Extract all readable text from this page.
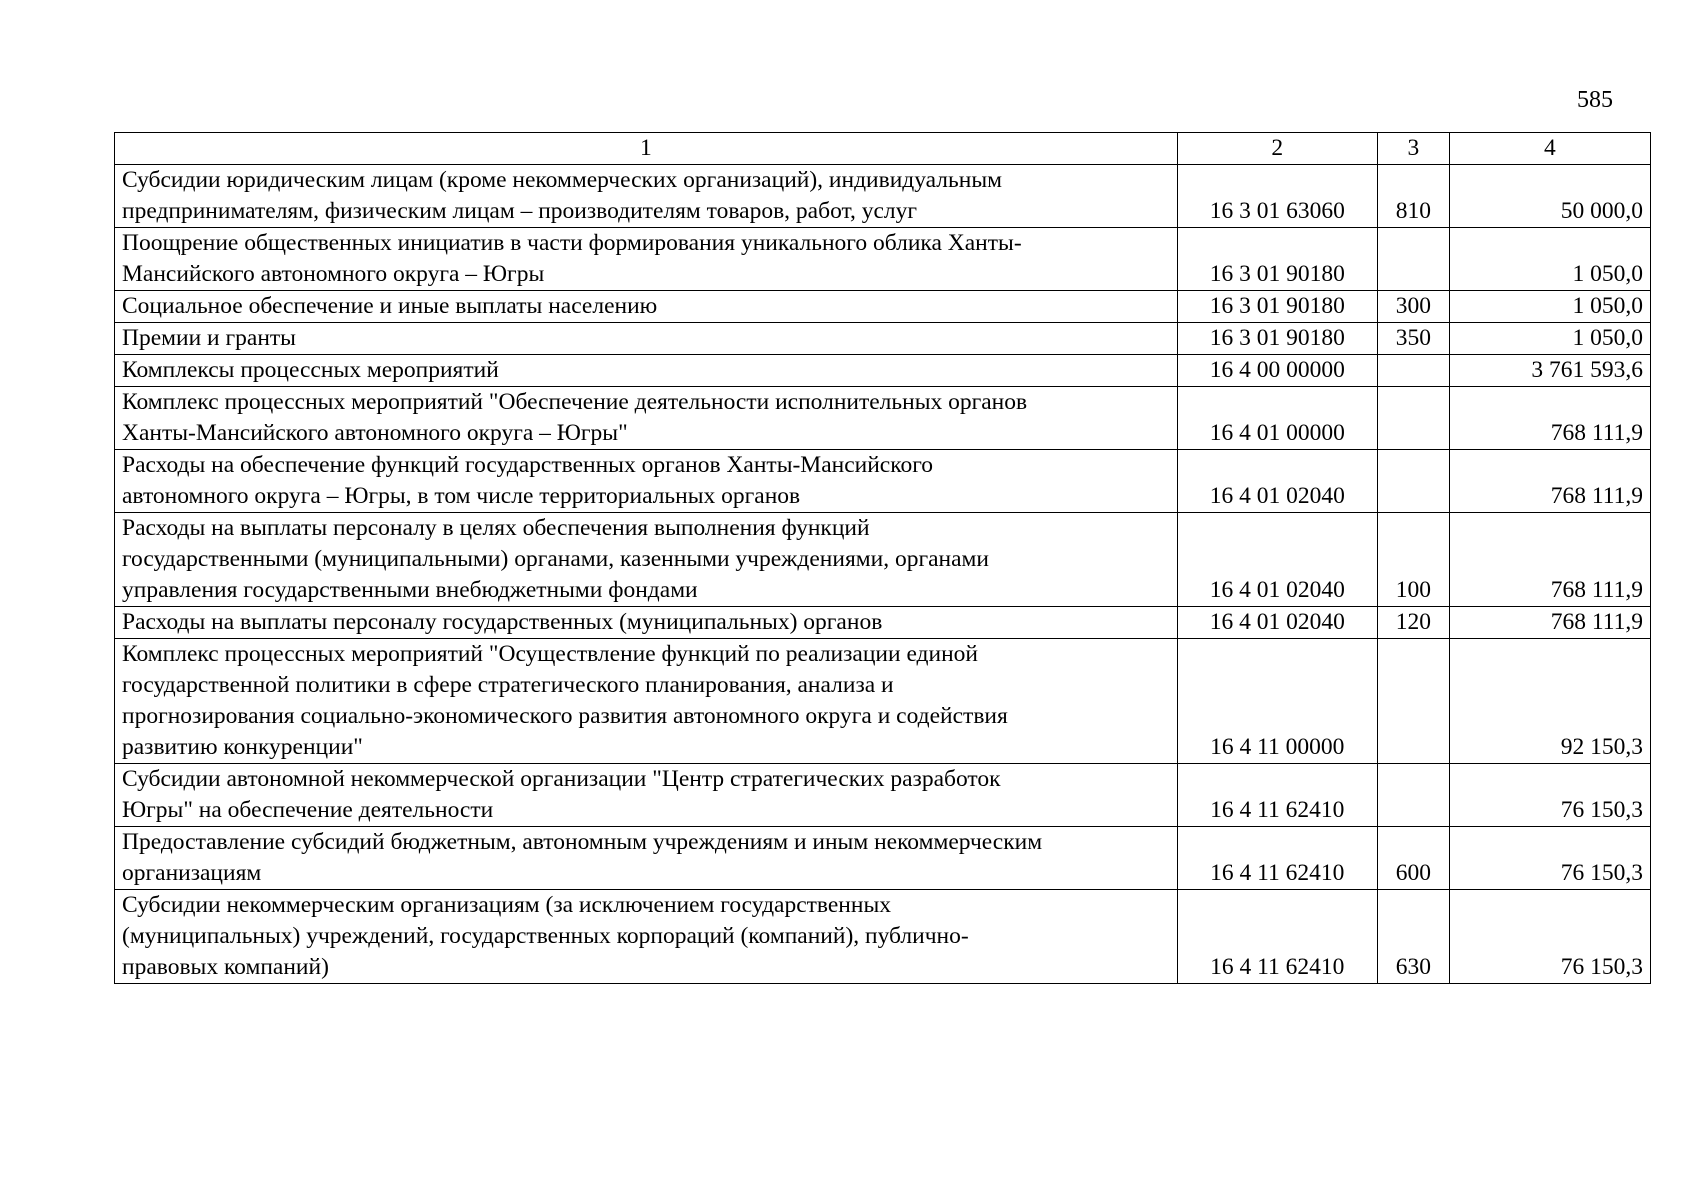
585
1	2	3	4
Субсидии юридическим лицам (кроме некоммерческих организаций), индивидуальным
предпринимателям, физическим лицам – производителям товаров, работ, услуг	16 3 01 63060	810	50 000,0
Поощрение общественных инициатив в части формирования уникального облика Ханты-
Мансийского автономного округа – Югры	16 3 01 90180		1 050,0
Социальное обеспечение и иные выплаты населению	16 3 01 90180	300	1 050,0
Премии и гранты	16 3 01 90180	350	1 050,0
Комплексы процессных мероприятий	16 4 00 00000		3 761 593,6
Комплекс процессных мероприятий "Обеспечение деятельности исполнительных органов
Ханты-Мансийского автономного округа – Югры"	16 4 01 00000		768 111,9
Расходы на обеспечение функций государственных органов Ханты-Мансийского
автономного округа – Югры, в том числе территориальных органов	16 4 01 02040		768 111,9
Расходы на выплаты персоналу в целях обеспечения выполнения функций
государственными (муниципальными) органами, казенными учреждениями, органами
управления государственными внебюджетными фондами	16 4 01 02040	100	768 111,9
Расходы на выплаты персоналу государственных (муниципальных) органов	16 4 01 02040	120	768 111,9
Комплекс процессных мероприятий "Осуществление функций по реализации единой
государственной политики в сфере стратегического планирования, анализа и
прогнозирования социально-экономического развития автономного округа и содействия
развитию конкуренции"	16 4 11 00000		92 150,3
Субсидии автономной некоммерческой организации "Центр стратегических разработок
Югры" на обеспечение деятельности	16 4 11 62410		76 150,3
Предоставление субсидий бюджетным, автономным учреждениям и иным некоммерческим
организациям	16 4 11 62410	600	76 150,3
Субсидии некоммерческим организациям (за исключением государственных
(муниципальных) учреждений, государственных корпораций (компаний), публично-
правовых компаний)	16 4 11 62410	630	76 150,3
